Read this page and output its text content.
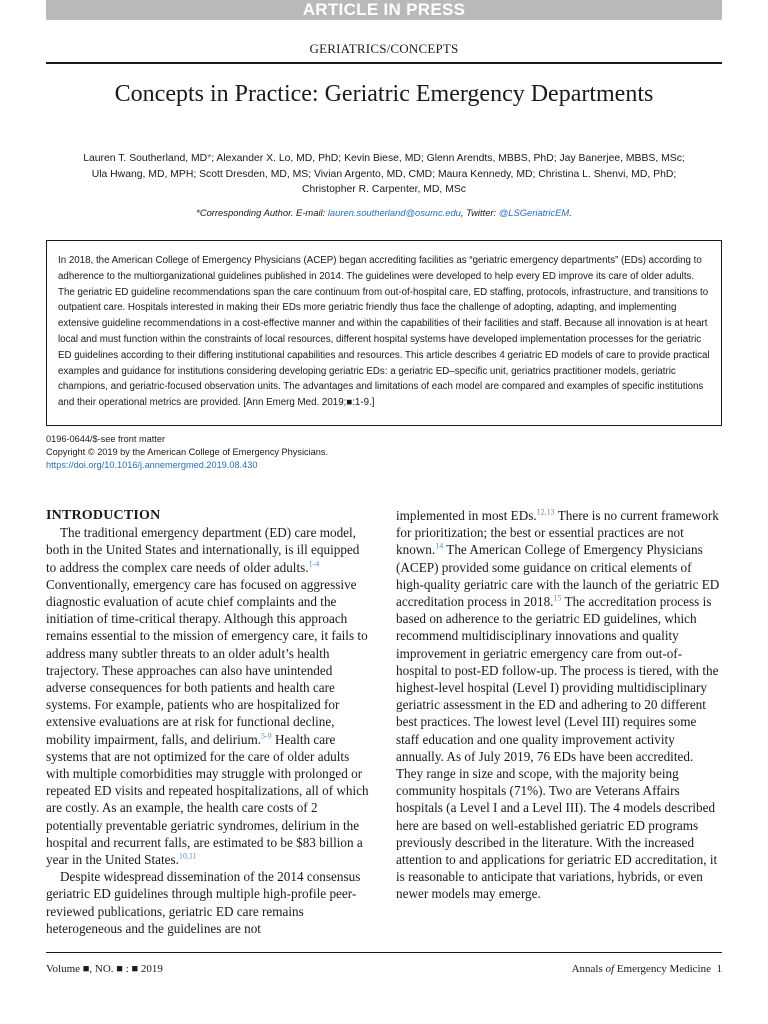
ARTICLE IN PRESS
GERIATRICS/CONCEPTS
Concepts in Practice: Geriatric Emergency Departments
Lauren T. Southerland, MD*; Alexander X. Lo, MD, PhD; Kevin Biese, MD; Glenn Arendts, MBBS, PhD; Jay Banerjee, MBBS, MSc;
Ula Hwang, MD, MPH; Scott Dresden, MD, MS; Vivian Argento, MD, CMD; Maura Kennedy, MD; Christina L. Shenvi, MD, PhD;
Christopher R. Carpenter, MD, MSc
*Corresponding Author. E-mail: lauren.southerland@osumc.edu, Twitter: @LSGeriatricEM.
In 2018, the American College of Emergency Physicians (ACEP) began accrediting facilities as “geriatric emergency departments” (EDs) according to adherence to the multiorganizational guidelines published in 2014. The guidelines were developed to help every ED improve its care of older adults. The geriatric ED guideline recommendations span the care continuum from out-of-hospital care, ED staffing, protocols, infrastructure, and transitions to outpatient care. Hospitals interested in making their EDs more geriatric friendly thus face the challenge of adopting, adapting, and implementing extensive guideline recommendations in a cost-effective manner and within the capabilities of their facilities and staff. Because all innovation is at heart local and must function within the constraints of local resources, different hospital systems have developed implementation processes for the geriatric ED guidelines according to their differing institutional capabilities and resources. This article describes 4 geriatric ED models of care to provide practical examples and guidance for institutions considering developing geriatric EDs: a geriatric ED–specific unit, geriatrics practitioner models, geriatric champions, and geriatric-focused observation units. The advantages and limitations of each model are compared and examples of specific institutions and their operational metrics are provided. [Ann Emerg Med. 2019;■:1-9.]
0196-0644/$-see front matter
Copyright © 2019 by the American College of Emergency Physicians.
https://doi.org/10.1016/j.annemergmed.2019.08.430

INTRODUCTION

The traditional emergency department (ED) care model, both in the United States and internationally, is ill equipped to address the complex care needs of older adults.$^{1-4}$ Conventionally, emergency care has focused on aggressive diagnostic evaluation of acute chief complaints and the initiation of time-critical therapy. Although this approach remains essential to the mission of emergency care, it fails to address many subtler threats to an older adult’s health trajectory. These approaches can also have unintended adverse consequences for both patients and health care systems. For example, patients who are hospitalized for extensive evaluations are at risk for functional decline, mobility impairment, falls, and delirium.$^{5-9}$ Health care systems that are not optimized for the care of older adults with multiple comorbidities may struggle with prolonged or repeated ED visits and repeated hospitalizations, all of which are costly. As an example, the health care costs of 2 potentially preventable geriatric syndromes, delirium in the hospital and recurrent falls, are estimated to be $83 billion a year in the United States.$^{10,11}$

Despite widespread dissemination of the 2014 consensus geriatric ED guidelines through multiple high-profile peer-reviewed publications, geriatric ED care remains heterogeneous and the guidelines are not

implemented in most EDs.$^{12,13}$ There is no current framework for prioritization; the best or essential practices are not known.$^{14}$ The American College of Emergency Physicians (ACEP) provided some guidance on critical elements of high-quality geriatric care with the launch of the geriatric ED accreditation process in 2018.15 The accreditation process is based on adherence to the geriatric ED guidelines, which recommend multidisciplinary innovations and quality improvement in geriatric emergency care from out-of-hospital to post-ED follow-up. The process is tiered, with the highest-level hospital (Level I) providing multidisciplinary geriatric assessment in the ED and adhering to 20 different best practices. The lowest level (Level III) requires some staff education and one quality improvement activity annually. As of July 2019, 76 EDs have been accredited. They range in size and scope, with the majority being community hospitals (71%). Two are Veterans Affairs hospitals (a Level I and a Level III). The 4 models described here are based on well-established geriatric ED programs previously described in the literature. With the increased attention to and applications for geriatric ED accreditation, it is reasonable to anticipate that variations, hybrids, or even newer models may emerge.

Volume ■, NO. ■ : ■ 2019	Annals of Emergency Medicine 1
